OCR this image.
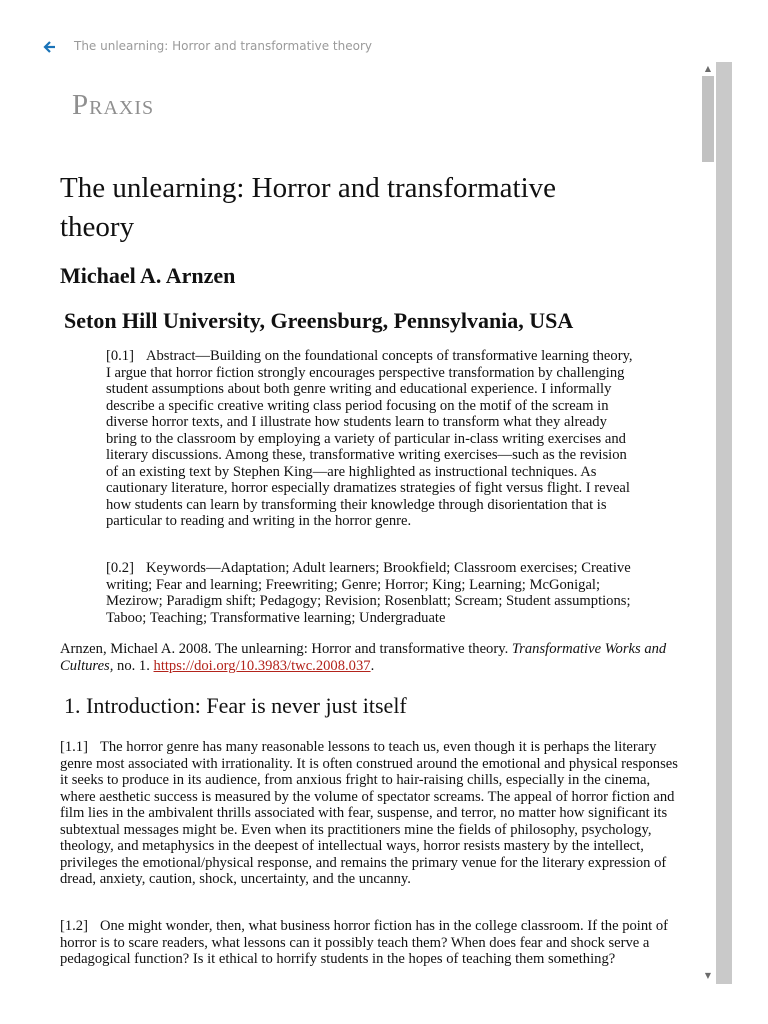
The unlearning: Horror and transformative theory
Praxis
The unlearning: Horror and transformative theory
Michael A. Arnzen
Seton Hill University, Greensburg, Pennsylvania, USA

[0.1] Abstract—Building on the foundational concepts of transformative learning theory, I argue that horror fiction strongly encourages perspective transformation by challenging student assumptions about both genre writing and educational experience. I informally describe a specific creative writing class period focusing on the motif of the scream in diverse horror texts, and I illustrate how students learn to transform what they already bring to the classroom by employing a variety of particular in-class writing exercises and literary discussions. Among these, transformative writing exercises—such as the revision of an existing text by Stephen King—are highlighted as instructional techniques. As cautionary literature, horror especially dramatizes strategies of fight versus flight. I reveal how students can learn by transforming their knowledge through disorientation that is particular to reading and writing in the horror genre.

[0.2] Keywords—Adaptation; Adult learners; Brookfield; Classroom exercises; Creative writing; Fear and learning; Freewriting; Genre; Horror; King; Learning; McGonigal; Mezirow; Paradigm shift; Pedagogy; Revision; Rosenblatt; Scream; Student assumptions; Taboo; Teaching; Transformative learning; Undergraduate

Arnzen, Michael A. 2008. The unlearning: Horror and transformative theory. Transformative Works and Cultures, no. 1. https://doi.org/10.3983/twc.2008.037.

1. Introduction: Fear is never just itself

[1.1] The horror genre has many reasonable lessons to teach us, even though it is perhaps the literary genre most associated with irrationality. It is often construed around the emotional and physical responses it seeks to produce in its audience, from anxious fright to hair-raising chills, especially in the cinema, where aesthetic success is measured by the volume of spectator screams. The appeal of horror fiction and film lies in the ambivalent thrills associated with fear, suspense, and terror, no matter how significant its subtextual messages might be. Even when its practitioners mine the fields of philosophy, psychology, theology, and metaphysics in the deepest of intellectual ways, horror resists mastery by the intellect, privileges the emotional/physical response, and remains the primary venue for the literary expression of dread, anxiety, caution, shock, uncertainty, and the uncanny.

[1.2] One might wonder, then, what business horror fiction has in the college classroom. If the point of horror is to scare readers, what lessons can it possibly teach them? When does fear and shock serve a pedagogical function? Is it ethical to horrify students in the hopes of teaching them something?

▲
▼
